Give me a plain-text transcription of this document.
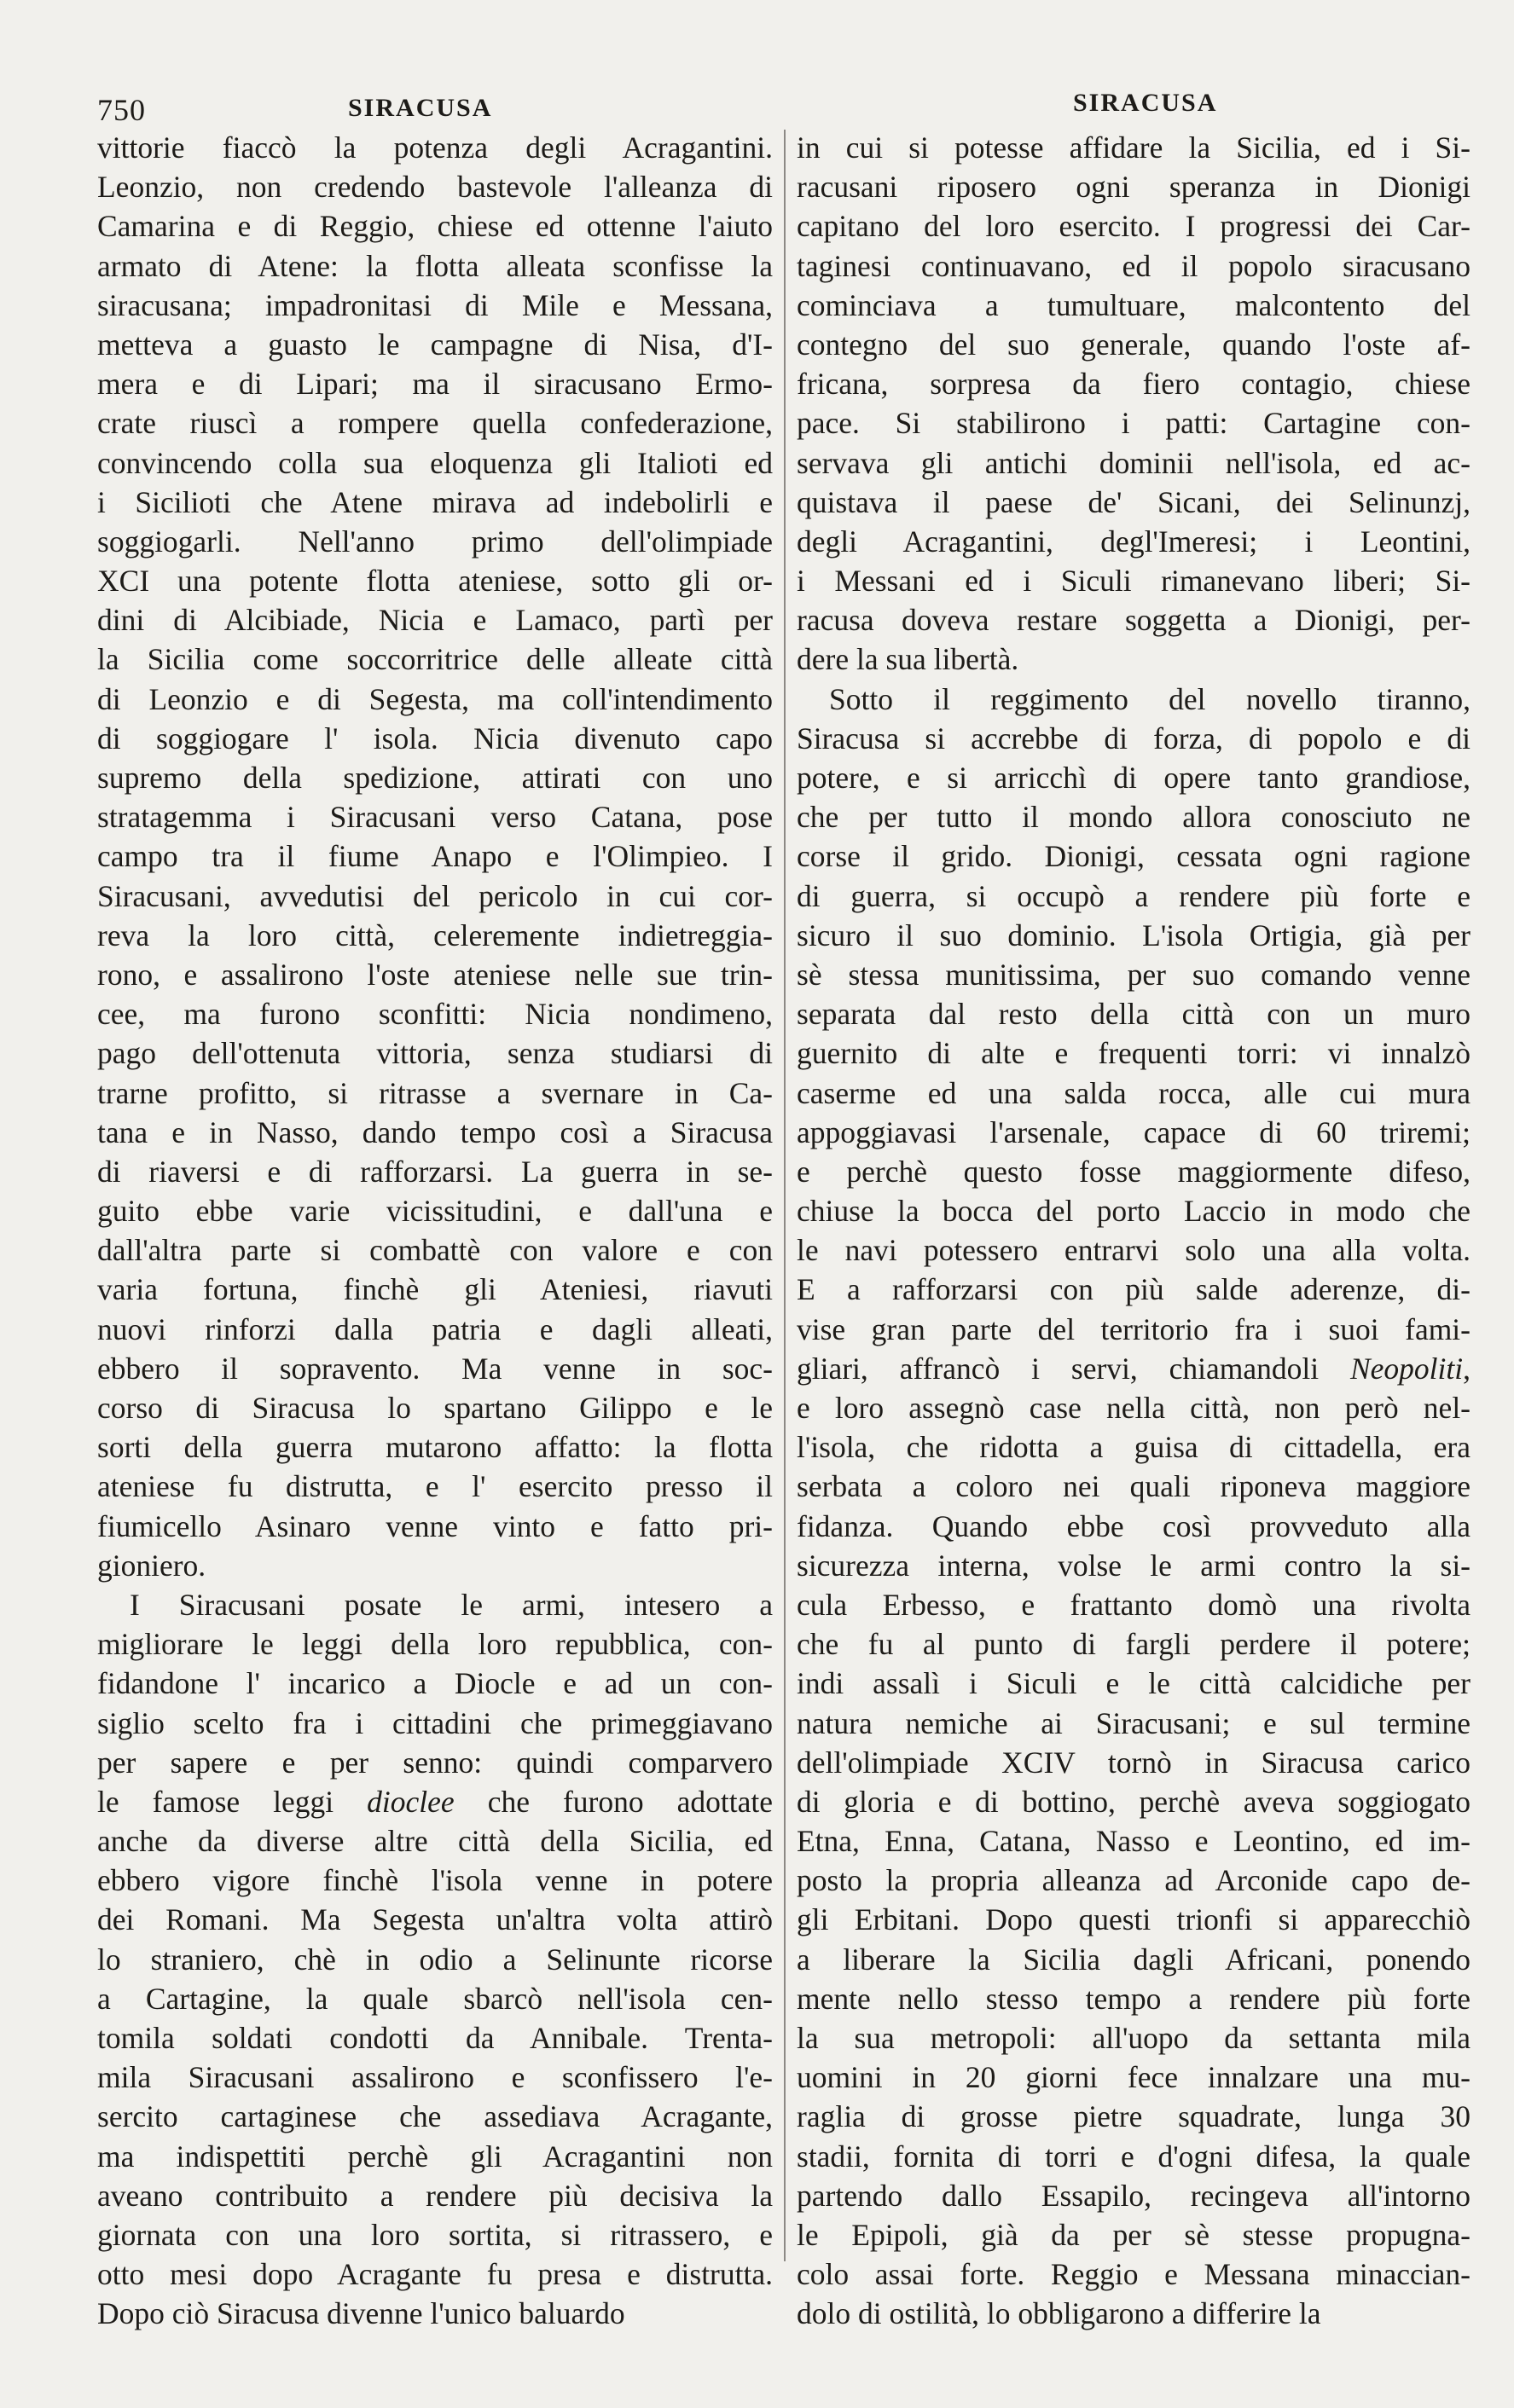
750	SIRACUSA	SIRACUSA
vittorie fiaccò la potenza degli Acragantini.
Leonzio, non credendo bastevole l'alleanza di
Camarina e di Reggio, chiese ed ottenne l'aiuto
armato di Atene: la flotta alleata sconfisse la
siracusana; impadronitasi di Mile e Messana,
metteva a guasto le campagne di Nisa, d'I-
mera e di Lipari; ma il siracusano Ermo-
crate riuscì a rompere quella confederazione,
convincendo colla sua eloquenza gli Italioti ed
i Sicilioti che Atene mirava ad indebolirli e
soggiogarli. Nell'anno primo dell'olimpiade
XCI una potente flotta ateniese, sotto gli or-
dini di Alcibiade, Nicia e Lamaco, partì per
la Sicilia come soccorritrice delle alleate città
di Leonzio e di Segesta, ma coll'intendimento
di soggiogare l' isola. Nicia divenuto capo
supremo della spedizione, attirati con uno
stratagemma i Siracusani verso Catana, pose
campo tra il fiume Anapo e l'Olimpieo. I
Siracusani, avvedutisi del pericolo in cui cor-
reva la loro città, celeremente indietreggia-
rono, e assalirono l'oste ateniese nelle sue trin-
cee, ma furono sconfitti: Nicia nondimeno,
pago dell'ottenuta vittoria, senza studiarsi di
trarne profitto, si ritrasse a svernare in Ca-
tana e in Nasso, dando tempo così a Siracusa
di riaversi e di rafforzarsi. La guerra in se-
guito ebbe varie vicissitudini, e dall'una e
dall'altra parte si combattè con valore e con
varia fortuna, finchè gli Ateniesi, riavuti
nuovi rinforzi dalla patria e dagli alleati,
ebbero il sopravento. Ma venne in soc-
corso di Siracusa lo spartano Gilippo e le
sorti della guerra mutarono affatto: la flotta
ateniese fu distrutta, e l' esercito presso il
fiumicello Asinaro venne vinto e fatto pri-
gioniero.
I Siracusani posate le armi, intesero a
migliorare le leggi della loro repubblica, con-
fidandone l' incarico a Diocle e ad un con-
siglio scelto fra i cittadini che primeggiavano
per sapere e per senno: quindi comparvero
le famose leggi dioclee che furono adottate
anche da diverse altre città della Sicilia, ed
ebbero vigore finchè l'isola venne in potere
dei Romani. Ma Segesta un'altra volta attirò
lo straniero, chè in odio a Selinunte ricorse
a Cartagine, la quale sbarcò nell'isola cen-
tomila soldati condotti da Annibale. Trenta-
mila Siracusani assalirono e sconfissero l'e-
sercito cartaginese che assediava Acragante,
ma indispettiti perchè gli Acragantini non
aveano contribuito a rendere più decisiva la
giornata con una loro sortita, si ritrassero, e
otto mesi dopo Acragante fu presa e distrutta.
Dopo ciò Siracusa divenne l'unico baluardo
in cui si potesse affidare la Sicilia, ed i Si-
racusani riposero ogni speranza in Dionigi
capitano del loro esercito. I progressi dei Car-
taginesi continuavano, ed il popolo siracusano
cominciava a tumultuare, malcontento del
contegno del suo generale, quando l'oste af-
fricana, sorpresa da fiero contagio, chiese
pace. Si stabilirono i patti: Cartagine con-
servava gli antichi dominii nell'isola, ed ac-
quistava il paese de' Sicani, dei Selinunzj,
degli Acragantini, degl'Imeresi; i Leontini,
i Messani ed i Siculi rimanevano liberi; Si-
racusa doveva restare soggetta a Dionigi, per-
dere la sua libertà.
Sotto il reggimento del novello tiranno,
Siracusa si accrebbe di forza, di popolo e di
potere, e si arricchì di opere tanto grandiose,
che per tutto il mondo allora conosciuto ne
corse il grido. Dionigi, cessata ogni ragione
di guerra, si occupò a rendere più forte e
sicuro il suo dominio. L'isola Ortigia, già per
sè stessa munitissima, per suo comando venne
separata dal resto della città con un muro
guernito di alte e frequenti torri: vi innalzò
caserme ed una salda rocca, alle cui mura
appoggiavasi l'arsenale, capace di 60 triremi;
e perchè questo fosse maggiormente difeso,
chiuse la bocca del porto Laccio in modo che
le navi potessero entrarvi solo una alla volta.
E a rafforzarsi con più salde aderenze, di-
vise gran parte del territorio fra i suoi fami-
gliari, affrancò i servi, chiamandoli Neopoliti,
e loro assegnò case nella città, non però nel-
l'isola, che ridotta a guisa di cittadella, era
serbata a coloro nei quali riponeva maggiore
fidanza. Quando ebbe così provveduto alla
sicurezza interna, volse le armi contro la si-
cula Erbesso, e frattanto domò una rivolta
che fu al punto di fargli perdere il potere;
indi assalì i Siculi e le città calcidiche per
natura nemiche ai Siracusani; e sul termine
dell'olimpiade XCIV tornò in Siracusa carico
di gloria e di bottino, perchè aveva soggiogato
Etna, Enna, Catana, Nasso e Leontino, ed im-
posto la propria alleanza ad Arconide capo de-
gli Erbitani. Dopo questi trionfi si apparecchiò
a liberare la Sicilia dagli Africani, ponendo
mente nello stesso tempo a rendere più forte
la sua metropoli: all'uopo da settanta mila
uomini in 20 giorni fece innalzare una mu-
raglia di grosse pietre squadrate, lunga 30
stadii, fornita di torri e d'ogni difesa, la quale
partendo dallo Essapilo, recingeva all'intorno
le Epipoli, già da per sè stesse propugna-
colo assai forte. Reggio e Messana minaccian-
dolo di ostilità, lo obbligarono a differire la
